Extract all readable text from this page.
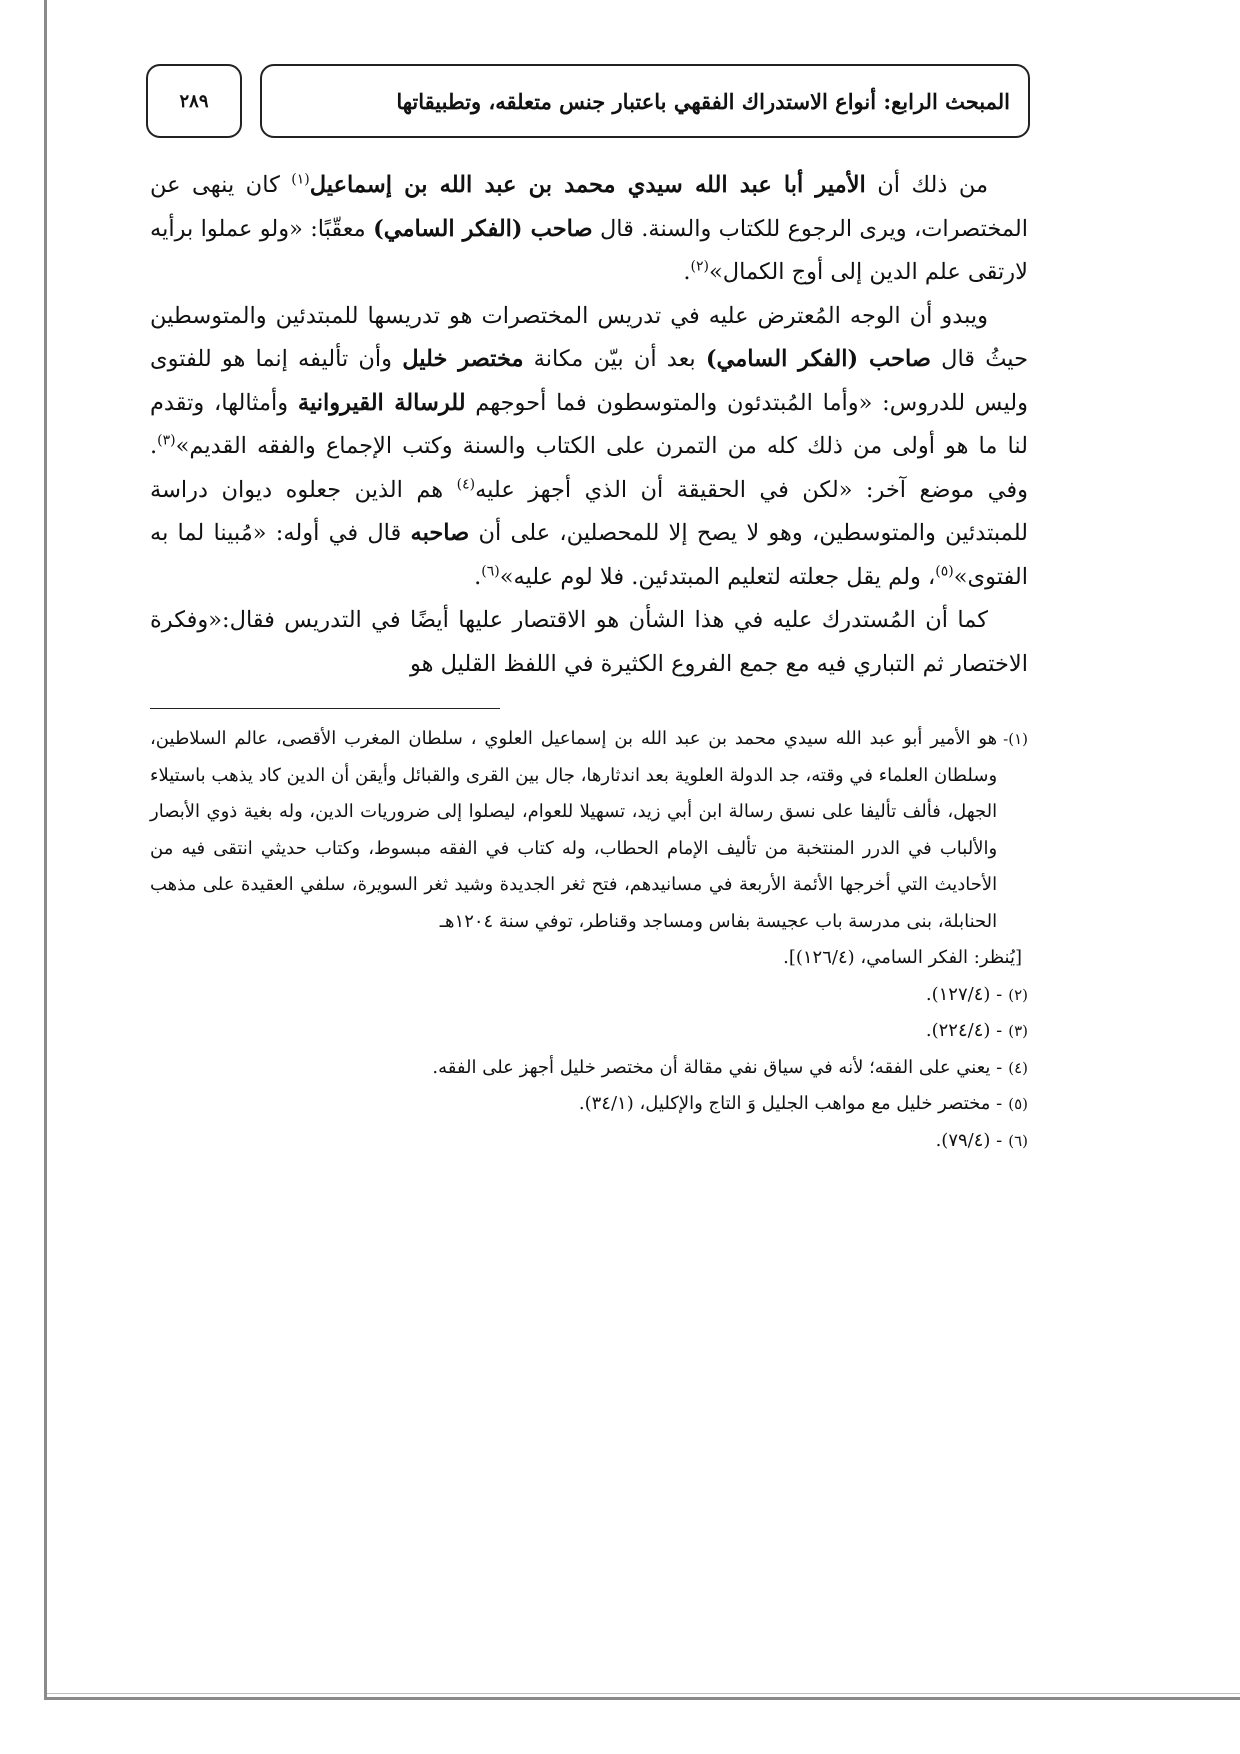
٢٨٩	المبحث الرابع: أنواع الاستدراك الفقهي باعتبار جنس متعلقه، وتطبيقاتها

من ذلك أن الأمير أبا عبد الله سيدي محمد بن عبد الله بن إسماعيل$^{(١)}$ كان ينهى عن المختصرات، ويرى الرجوع للكتاب والسنة. قال صاحب (الفكر السامي) معقّبًا: «ولو عملوا برأيه لارتقى علم الدين إلى أوج الكمال»$^{(٢)}$.

ويبدو أن الوجه المُعترض عليه في تدريس المختصرات هو تدريسها للمبتدئين والمتوسطين حيثُ قال صاحب (الفكر السامي) بعد أن بيّن مكانة مختصر خليل وأن تأليفه إنما هو للفتوى وليس للدروس: «وأما المُبتدئون والمتوسطون فما أحوجهم للرسالة القيروانية وأمثالها، وتقدم لنا ما هو أولى من ذلك كله من التمرن على الكتاب والسنة وكتب الإجماع والفقه القديم»$^{(٣)}$. وفي موضع آخر: «لكن في الحقيقة أن الذي أجهز عليه$^{(٤)}$ هم الذين جعلوه ديوان دراسة للمبتدئين والمتوسطين، وهو لا يصح إلا للمحصلين، على أن صاحبه قال في أوله: «مُبينا لما به الفتوى»$^{(٥)}$، ولم يقل جعلته لتعليم المبتدئين. فلا لوم عليه»$^{(٦)}$.

كما أن المُستدرك عليه في هذا الشأن هو الاقتصار عليها أيضًا في التدريس فقال:«وفكرة الاختصار ثم التباري فيه مع جمع الفروع الكثيرة في اللفظ القليل هو

(١)-
هو الأمير أبو عبد الله سيدي محمد بن عبد الله بن إسماعيل العلوي ، سلطان المغرب الأقصى، عالم السلاطين، وسلطان العلماء في وقته، جد الدولة العلوية بعد اندثارها، جال بين القرى والقبائل وأيقن أن الدين كاد يذهب باستيلاء الجهل، فألف تأليفا على نسق رسالة ابن أبي زيد، تسهيلا للعوام، ليصلوا إلى ضروريات الدين، وله بغية ذوي الأبصار والألباب في الدرر المنتخبة من تأليف الإمام الحطاب، وله كتاب في الفقه مبسوط، وكتاب حديثي انتقى فيه من الأحاديث التي أخرجها الأئمة الأربعة في مسانيدهم، فتح ثغر الجديدة وشيد ثغر السويرة، سلفي العقيدة على مذهب الحنابلة، بنى مدرسة باب عجيسة بفاس ومساجد وقناطر، توفي سنة ١٢٠٤هـ
[يُنظر: الفكر السامي، (١٢٦/٤)].
(٢)
- (١٢٧/٤).
(٣)
- (٢٢٤/٤).
(٤)
- يعني على الفقه؛ لأنه في سياق نفي مقالة أن مختصر خليل أجهز على الفقه.
(٥)
- مختصر خليل مع مواهب الجليل وَ التاج والإكليل، (٣٤/١).
(٦)
- (٧٩/٤).
